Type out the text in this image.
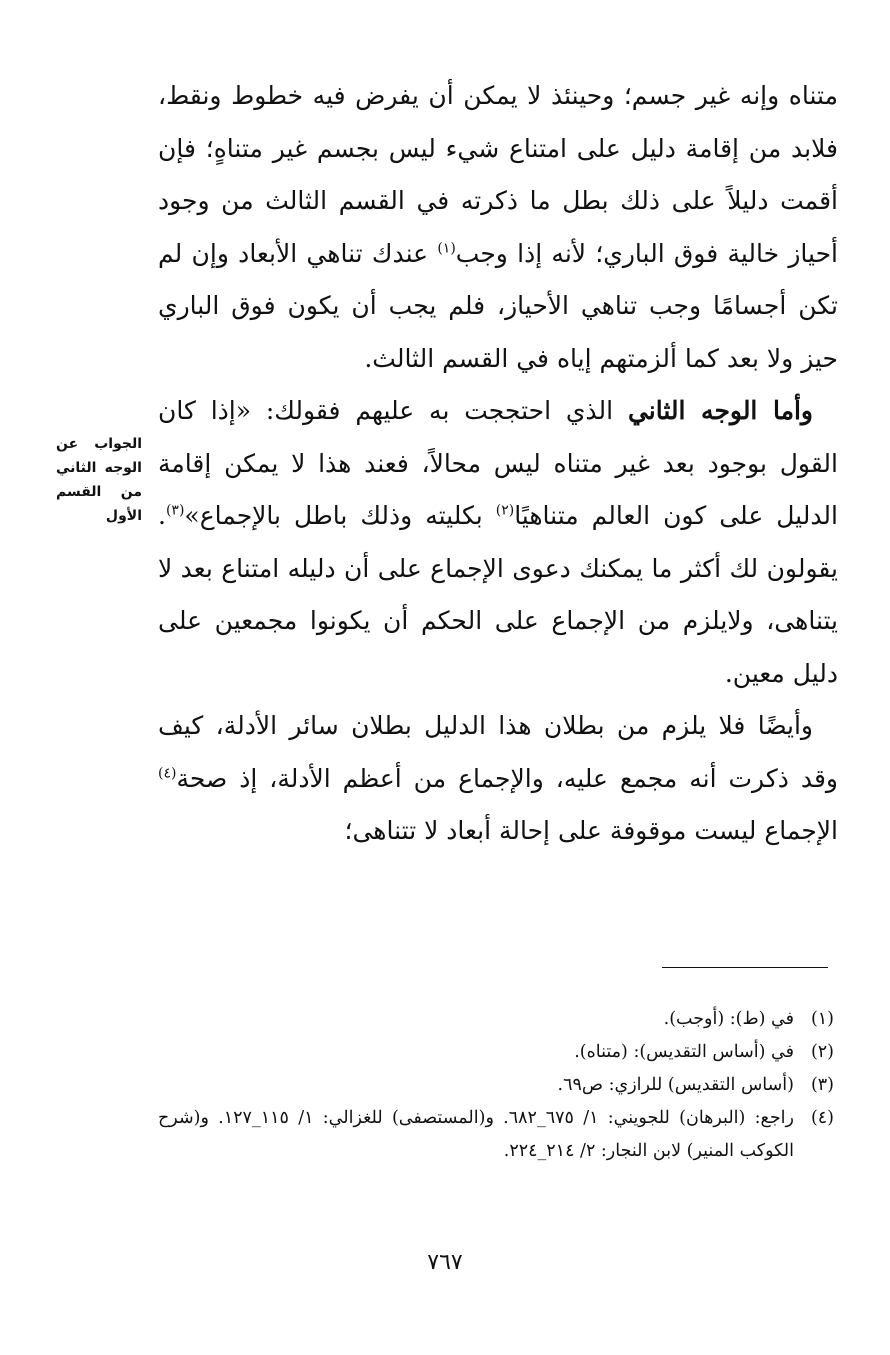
متناه وإنه غير جسم؛ وحينئذ لا يمكن أن يفرض فيه خطوط ونقط، فلابد من إقامة دليل على امتناع شيء ليس بجسم غير متناهٍ؛ فإن أقمت دليلاً على ذلك بطل ما ذكرته في القسم الثالث من وجود أحياز خالية فوق الباري؛ لأنه إذا وجب$^{(١)}$ عندك تناهي الأبعاد وإن لم تكن أجسامًا وجب تناهي الأحياز، فلم يجب أن يكون فوق الباري حيز ولا بعد كما ألزمتهم إياه في القسم الثالث.

وأما الوجه الثاني الذي احتججت به عليهم فقولك: «إذا كان القول بوجود بعد غير متناه ليس محالاً، فعند هذا لا يمكن إقامة الدليل على كون العالم متناهيًا$^{(٢)}$ بكليته وذلك باطل بالإجماع»$^{(٣)}$. يقولون لك أكثر ما يمكنك دعوى الإجماع على أن دليله امتناع بعد لا يتناهى، ولايلزم من الإجماع على الحكم أن يكونوا مجمعين على دليل معين.

وأيضًا فلا يلزم من بطلان هذا الدليل بطلان سائر الأدلة، كيف وقد ذكرت أنه مجمع عليه، والإجماع من أعظم الأدلة، إذ صحة$^{(٤)}$ الإجماع ليست موقوفة على إحالة أبعاد لا تتناهى؛

الجواب عن
الوجه الثاني
من القسم
الأول
(١)
في (ط): (أوجب).
(٢)
في (أساس التقديس): (متناه).
(٣)
(أساس التقديس) للرازي: ص٦٩.
(٤)
راجع: (البرهان) للجويني: ١/ ٦٧٥_٦٨٢. و(المستصفى) للغزالي: ١/ ١١٥_١٢٧. و(شرح الكوكب المنير) لابن النجار: ٢/ ٢١٤_٢٢٤.
٧٦٧
